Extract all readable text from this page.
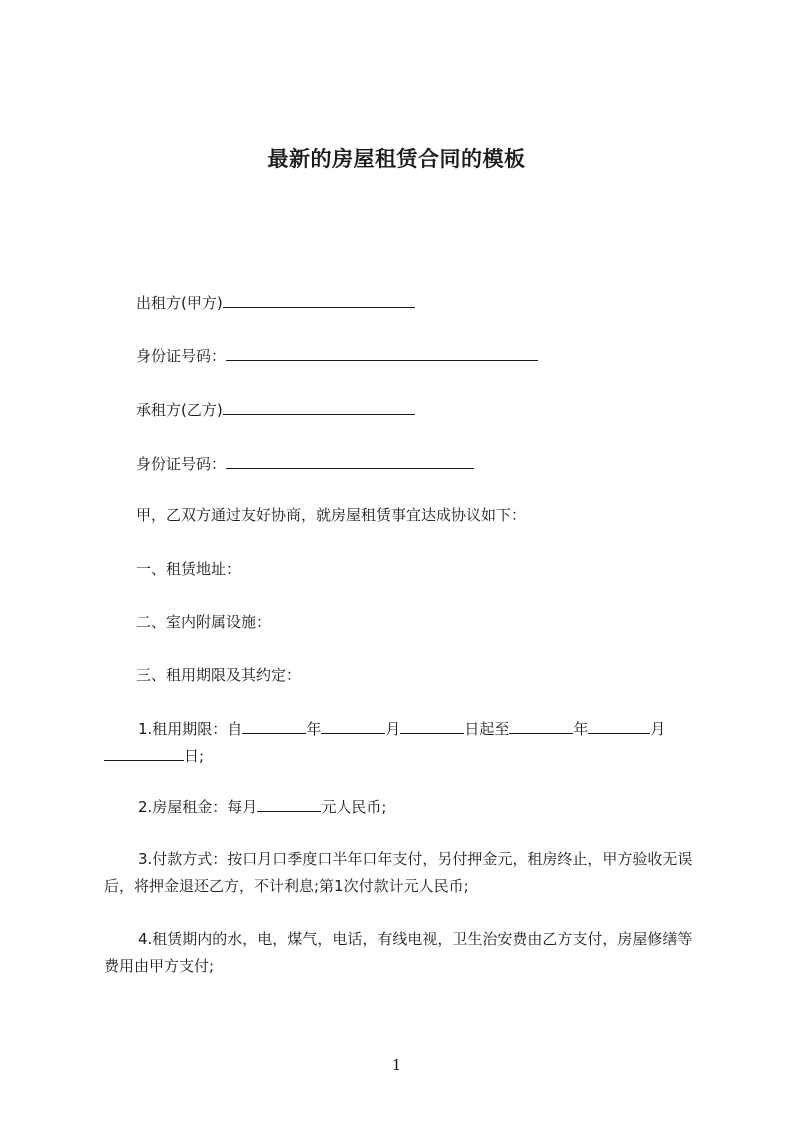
最新的房屋租赁合同的模板
出租方(甲方)
身份证号码：
承租方(乙方)
身份证号码：
甲，乙双方通过友好协商，就房屋租赁事宜达成协议如下：
一、租赁地址：
二、室内附属设施：
三、租用期限及其约定：
1.租用期限：自	年	月	日起至	年	月日;
2.房屋租金：每月	元人民币;
3.付款方式：按口月口季度口半年口年支付，另付押金元，租房终止，甲方验收无误后，将押金退还乙方，不计利息;第1次付款计元人民币;
4.租赁期内的水，电，煤气，电话，有线电视，卫生治安费由乙方支付，房屋修缮等费用由甲方支付;
1
